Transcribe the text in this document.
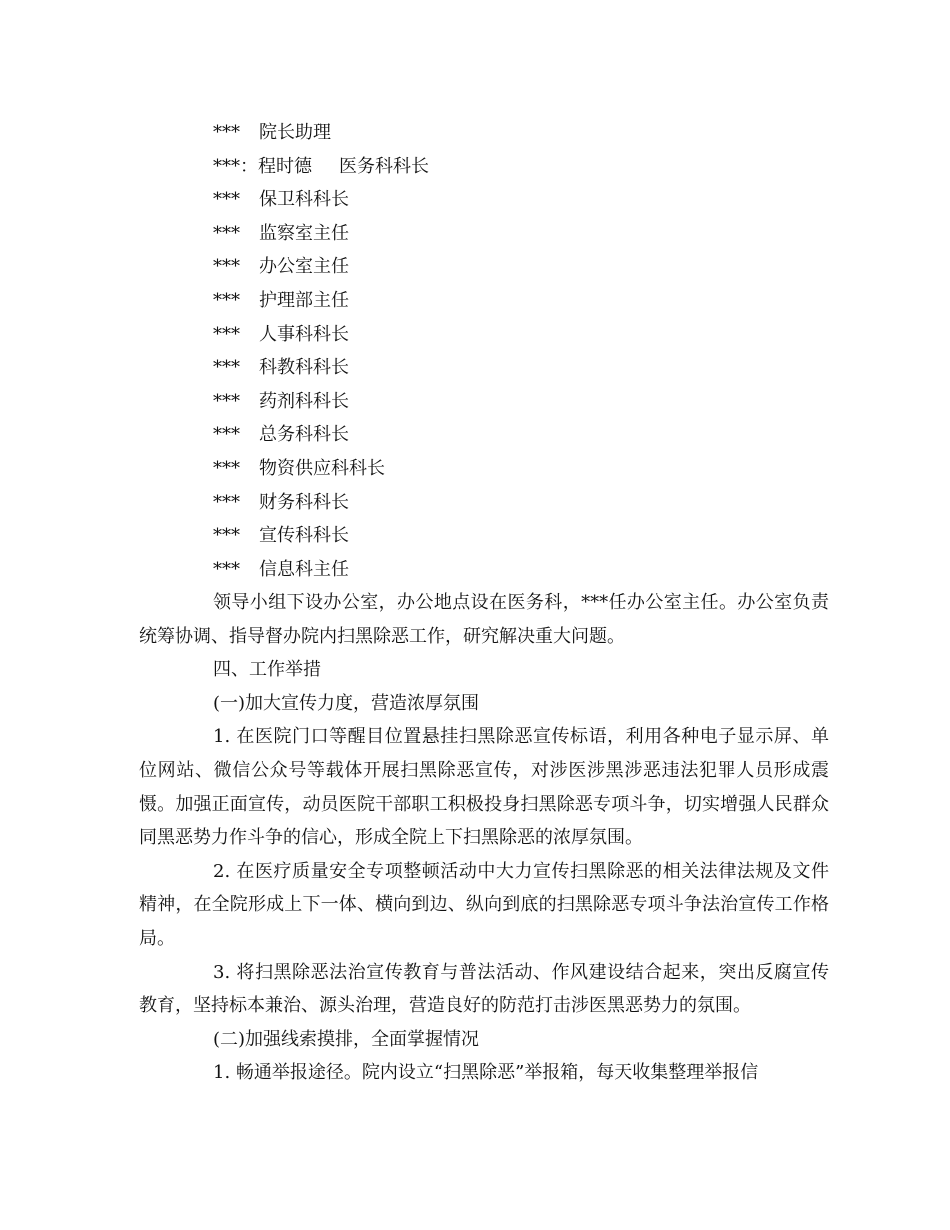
*** 院长助理
***：程时德 医务科科长
*** 保卫科科长
*** 监察室主任
*** 办公室主任
*** 护理部主任
*** 人事科科长
*** 科教科科长
*** 药剂科科长
*** 总务科科长
*** 物资供应科科长
*** 财务科科长
*** 宣传科科长
*** 信息科主任

领导小组下设办公室，办公地点设在医务科，***任办公室主任。办公室负责统筹协调、指导督办院内扫黑除恶工作，研究解决重大问题。

四、工作举措

(一)加大宣传力度，营造浓厚氛围

1. 在医院门口等醒目位置悬挂扫黑除恶宣传标语，利用各种电子显示屏、单位网站、微信公众号等载体开展扫黑除恶宣传，对涉医涉黑涉恶违法犯罪人员形成震慑。加强正面宣传，动员医院干部职工积极投身扫黑除恶专项斗争，切实增强人民群众同黑恶势力作斗争的信心，形成全院上下扫黑除恶的浓厚氛围。

2. 在医疗质量安全专项整顿活动中大力宣传扫黑除恶的相关法律法规及文件精神，在全院形成上下一体、横向到边、纵向到底的扫黑除恶专项斗争法治宣传工作格局。

3. 将扫黑除恶法治宣传教育与普法活动、作风建设结合起来，突出反腐宣传教育，坚持标本兼治、源头治理，营造良好的防范打击涉医黑恶势力的氛围。

(二)加强线索摸排，全面掌握情况

1. 畅通举报途径。院内设立“扫黑除恶”举报箱，每天收集整理举报信
